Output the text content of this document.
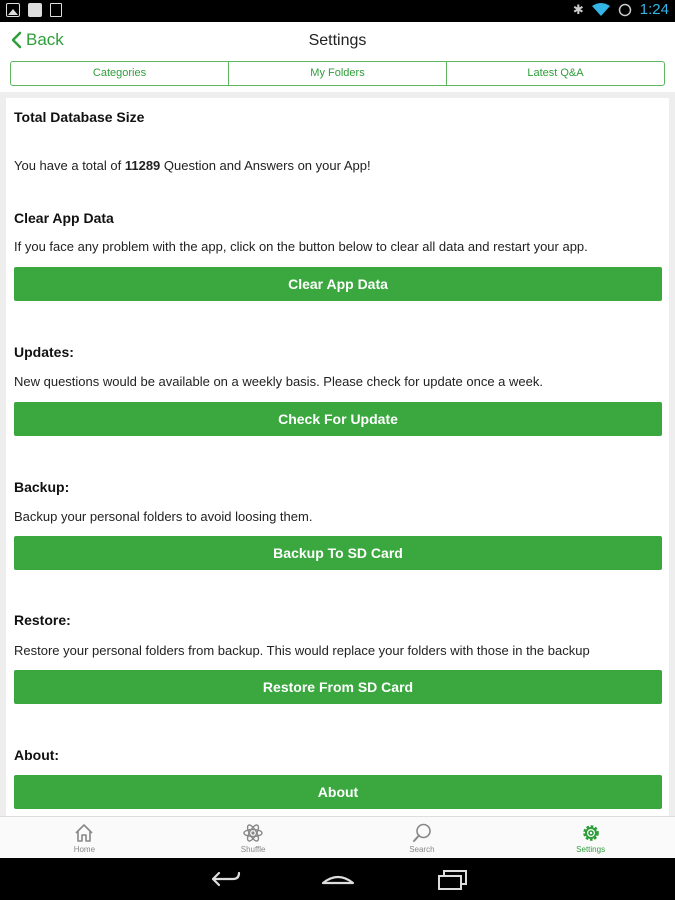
✱	1:24
Back	Settings
Categories	My Folders	Latest Q&A
Total Database Size
You have a total of 11289 Question and Answers on your App!
Clear App Data
If you face any problem with the app, click on the button below to clear all data and restart your app.
Clear App Data
Updates:
New questions would be available on a weekly basis. Please check for update once a week.
Check For Update
Backup:
Backup your personal folders to avoid loosing them.
Backup To SD Card
Restore:
Restore your personal folders from backup. This would replace your folders with those in the backup
Restore From SD Card
About:
About
Home	Shuffle	Search	Settings
